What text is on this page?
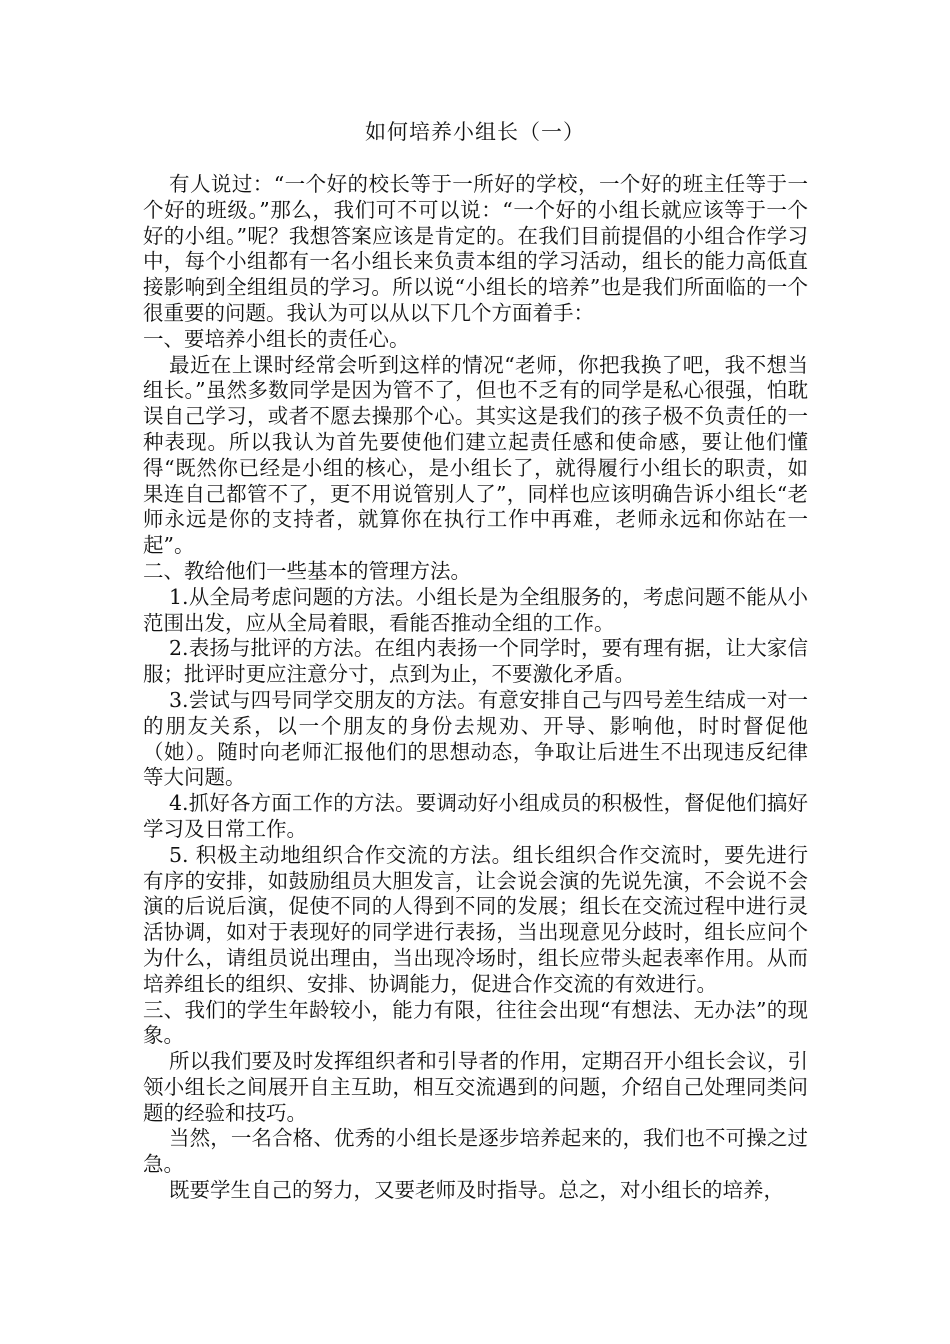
如何培养小组长（一）

有人说过：“一个好的校长等于一所好的学校，一个好的班主任等于一个好的班级。”那么，我们可不可以说：“一个好的小组长就应该等于一个好的小组。”呢？我想答案应该是肯定的。在我们目前提倡的小组合作学习中，每个小组都有一名小组长来负责本组的学习活动，组长的能力高低直接影响到全组组员的学习。所以说“小组长的培养”也是我们所面临的一个很重要的问题。我认为可以从以下几个方面着手：

一、要培养小组长的责任心。

最近在上课时经常会听到这样的情况“老师，你把我换了吧，我不想当组长。”虽然多数同学是因为管不了，但也不乏有的同学是私心很强，怕耽误自己学习，或者不愿去操那个心。其实这是我们的孩子极不负责任的一种表现。所以我认为首先要使他们建立起责任感和使命感，要让他们懂得“既然你已经是小组的核心，是小组长了，就得履行小组长的职责，如果连自己都管不了，更不用说管别人了”，同样也应该明确告诉小组长“老师永远是你的支持者，就算你在执行工作中再难，老师永远和你站在一起”。

二、教给他们一些基本的管理方法。

1.从全局考虑问题的方法。小组长是为全组服务的，考虑问题不能从小范围出发，应从全局着眼，看能否推动全组的工作。

2.表扬与批评的方法。在组内表扬一个同学时，要有理有据，让大家信服；批评时更应注意分寸，点到为止，不要激化矛盾。

3.尝试与四号同学交朋友的方法。有意安排自己与四号差生结成一对一的朋友关系，以一个朋友的身份去规劝、开导、影响他，时时督促他（她）。随时向老师汇报他们的思想动态，争取让后进生不出现违反纪律等大问题。

4.抓好各方面工作的方法。要调动好小组成员的积极性，督促他们搞好学习及日常工作。

5. 积极主动地组织合作交流的方法。组长组织合作交流时，要先进行有序的安排，如鼓励组员大胆发言，让会说会演的先说先演，不会说不会演的后说后演，促使不同的人得到不同的发展；组长在交流过程中进行灵活协调，如对于表现好的同学进行表扬，当出现意见分歧时，组长应问个为什么，请组员说出理由，当出现冷场时，组长应带头起表率作用。从而培养组长的组织、安排、协调能力，促进合作交流的有效进行。

三、我们的学生年龄较小，能力有限，往往会出现“有想法、无办法”的现象。

所以我们要及时发挥组织者和引导者的作用，定期召开小组长会议，引领小组长之间展开自主互助，相互交流遇到的问题，介绍自己处理同类问题的经验和技巧。

当然，一名合格、优秀的小组长是逐步培养起来的，我们也不可操之过急。

既要学生自己的努力，又要老师及时指导。总之，对小组长的培养，
